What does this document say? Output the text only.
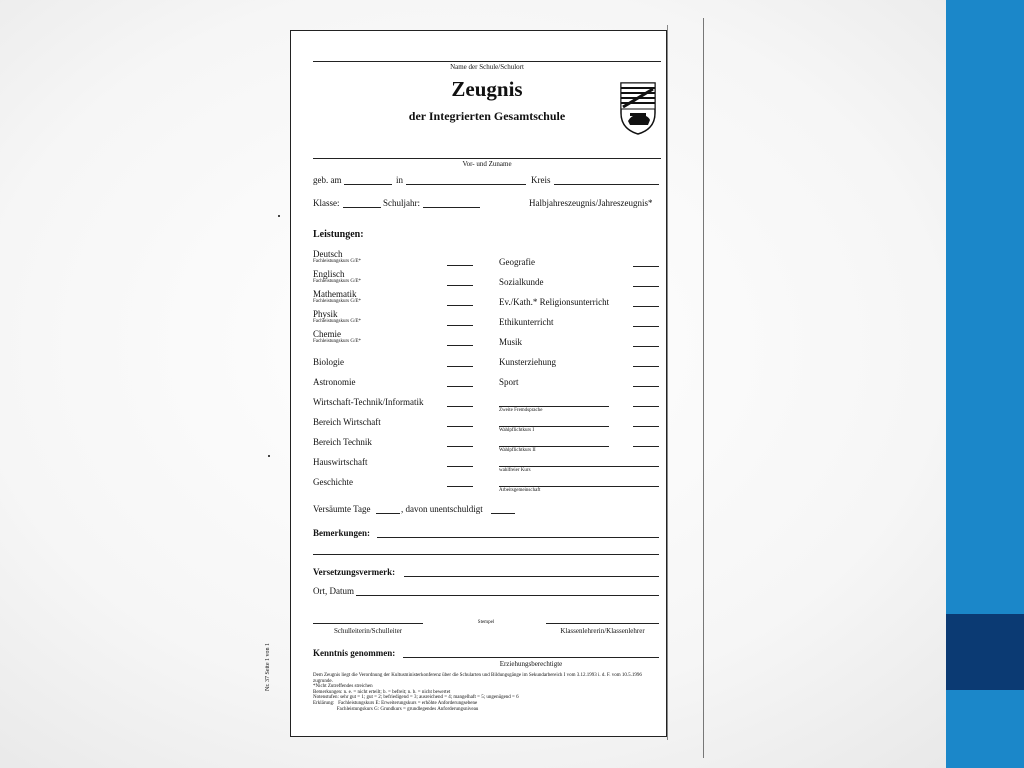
Name der Schule/Schulort
Zeugnis
der Integrierten Gesamtschule
Vor- und Zuname
geb. am	in	Kreis
Klasse:	Schuljahr:	Halbjahreszeugnis/Jahreszeugnis*
Leistungen:
Deutsch
Fachleistungskurs G/E*
Englisch
Fachleistungskurs G/E*
Mathematik
Fachleistungskurs G/E*
Physik
Fachleistungskurs G/E*
Chemie
Fachleistungskurs G/E*
Biologie
Astronomie
Wirtschaft-Technik/Informatik
Bereich Wirtschaft
Bereich Technik
Hauswirtschaft
Geschichte
Geografie
Sozialkunde
Ev./Kath.* Religionsunterricht
Ethikunterricht
Musik
Kunsterziehung
Sport
Zweite Fremdsprache
Wahlpflichtkurs I
Wahlpflichtkurs II
wahlfreier Kurs
Arbeitsgemeinschaft
Versäumte Tage	, davon unentschuldigt
Bemerkungen:
Versetzungsvermerk:
Ort, Datum
Schulleiterin/Schulleiter
Stempel
Klassenlehrerin/Klassenlehrer
Kenntnis genommen:
Erziehungsberechtigte
Dem Zeugnis liegt die Verordnung der Kultusministerkonferenz über die Schularten und Bildungsgänge im Sekundarbereich I vom 3.12.1993 i. d. F. vom 10.5.1996
zugrunde.
*Nicht Zutreffendes streichen
Bemerkungen: n. e. = nicht erteilt; b. = befreit; n. b. = nicht bewertet
Notenstufen: sehr gut = 1; gut = 2; befriedigend = 3; ausreichend = 4; mangelhaft = 5; ungenügend = 6
Erklärung:   Fachleistungskurs E: Erweiterungskurs = erhöhte Anforderungsebene
Fachleistungskurs G: Grundkurs = grundlegendes Anforderungsniveau
Nr. 37 Seite 1 von 1
